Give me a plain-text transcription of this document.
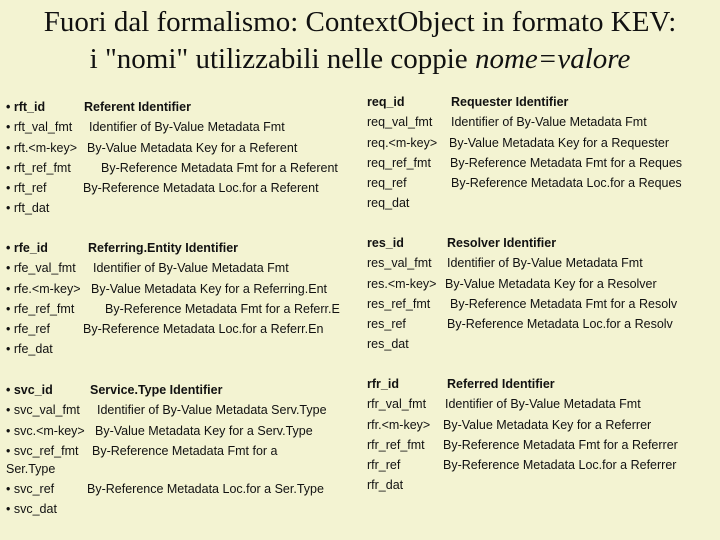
Fuori dal formalismo: ContextObject in formato KEV:
i "nomi" utilizzabili nelle coppie nome=valore
• rft_id	Referent Identifier
• rft_val_fmt Identifier of By-Value Metadata Fmt
• rft.<m-key> By-Value Metadata Key for a Referent
• rft_ref_fmt By-Reference Metadata Fmt for a Referent
• rft_ref	By-Reference Metadata Loc.for a Referent
• rft_dat
• rfe_id	Referring.Entity Identifier
• rfe_val_fmt Identifier of By-Value Metadata Fmt
• rfe.<m-key> By-Value Metadata Key for a Referring.Ent
• rfe_ref_fmt By-Reference Metadata Fmt for a Referr.E
• rfe_ref	By-Reference Metadata Loc.for a Referr.En
• rfe_dat
• svc_id	Service.Type Identifier
• svc_val_fmt Identifier of By-Value Metadata Serv.Type
• svc.<m-key> By-Value Metadata Key for a Serv.Type
• svc_ref_fmt By-Reference Metadata Fmt for a
Ser.Type
• svc_ref	By-Reference Metadata Loc.for a Ser.Type
• svc_dat
req_id	Requester Identifier
req_val_fmt Identifier of By-Value Metadata Fmt
req.<m-key> By-Value Metadata Key for a Requester
req_ref_fmt By-Reference Metadata Fmt for a Reques
req_ref	By-Reference Metadata Loc.for a Reques
req_dat
res_id	Resolver Identifier
res_val_fmt Identifier of By-Value Metadata Fmt
res.<m-key> By-Value Metadata Key for a Resolver
res_ref_fmt By-Reference Metadata Fmt for a Resolv
res_ref	By-Reference Metadata Loc.for a Resolv
res_dat
rfr_id	Referred Identifier
rfr_val_fmt Identifier of By-Value Metadata Fmt
rfr.<m-key> By-Value Metadata Key for a Referrer
rfr_ref_fmt By-Reference Metadata Fmt for a Referrer
rfr_ref	By-Reference Metadata Loc.for a Referrer
rfr_dat
